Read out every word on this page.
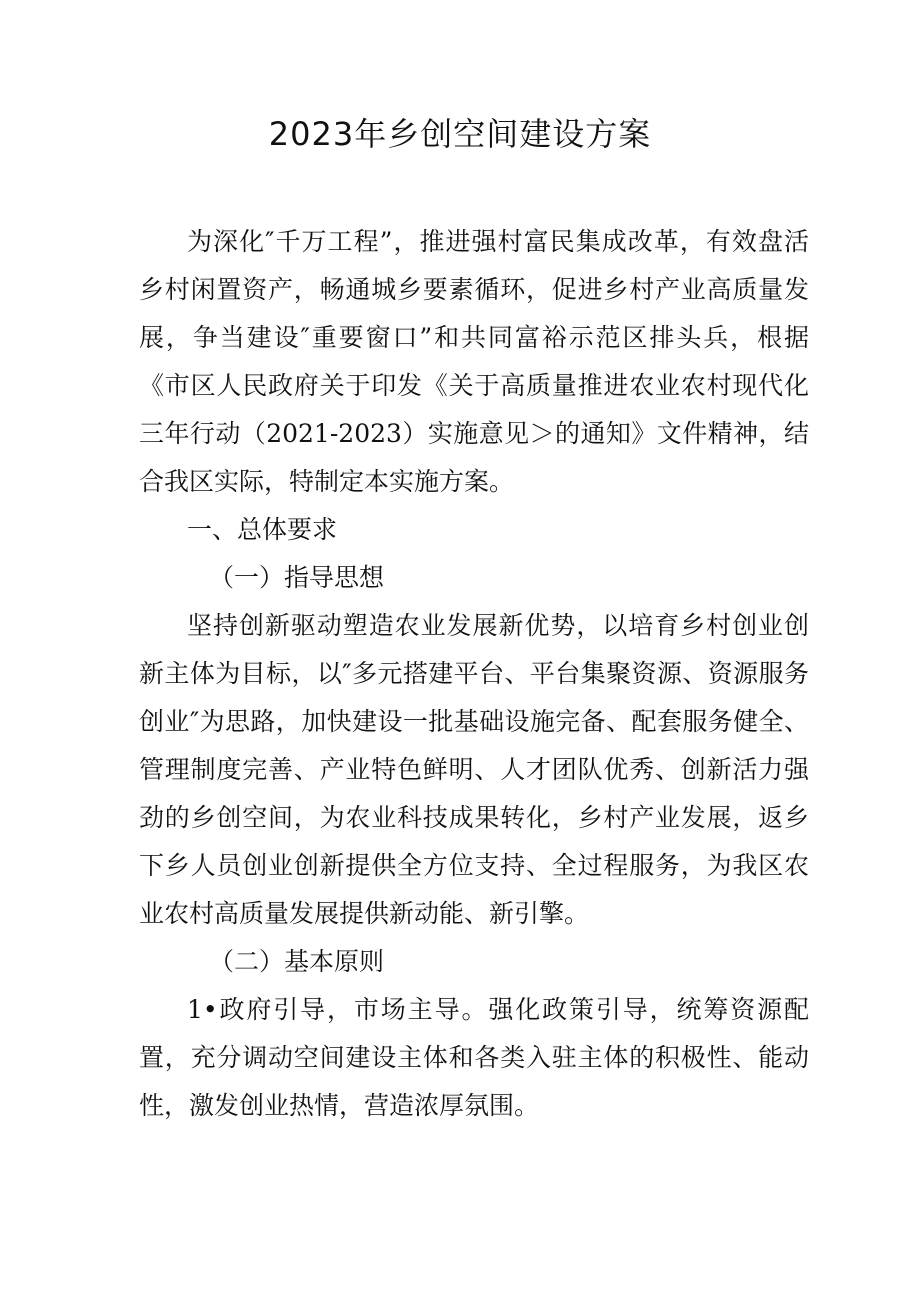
2023年乡创空间建设方案

为深化″千万工程”，推进强村富民集成改革，有效盘活乡村闲置资产，畅通城乡要素循环，促进乡村产业高质量发展，争当建设″重要窗口”和共同富裕示范区排头兵，根据《市区人民政府关于印发《关于高质量推进农业农村现代化三年行动（2021-2023）实施意见＞的通知》文件精神，结合我区实际，特制定本实施方案。

一、总体要求

（一）指导思想

坚持创新驱动塑造农业发展新优势，以培育乡村创业创新主体为目标，以″多元搭建平台、平台集聚资源、资源服务创业″为思路，加快建设一批基础设施完备、配套服务健全、管理制度完善、产业特色鲜明、人才团队优秀、创新活力强劲的乡创空间，为农业科技成果转化，乡村产业发展，返乡下乡人员创业创新提供全方位支持、全过程服务，为我区农业农村高质量发展提供新动能、新引擎。

（二）基本原则

1•政府引导，市场主导。强化政策引导，统筹资源配置，充分调动空间建设主体和各类入驻主体的积极性、能动性，激发创业热情，营造浓厚氛围。
